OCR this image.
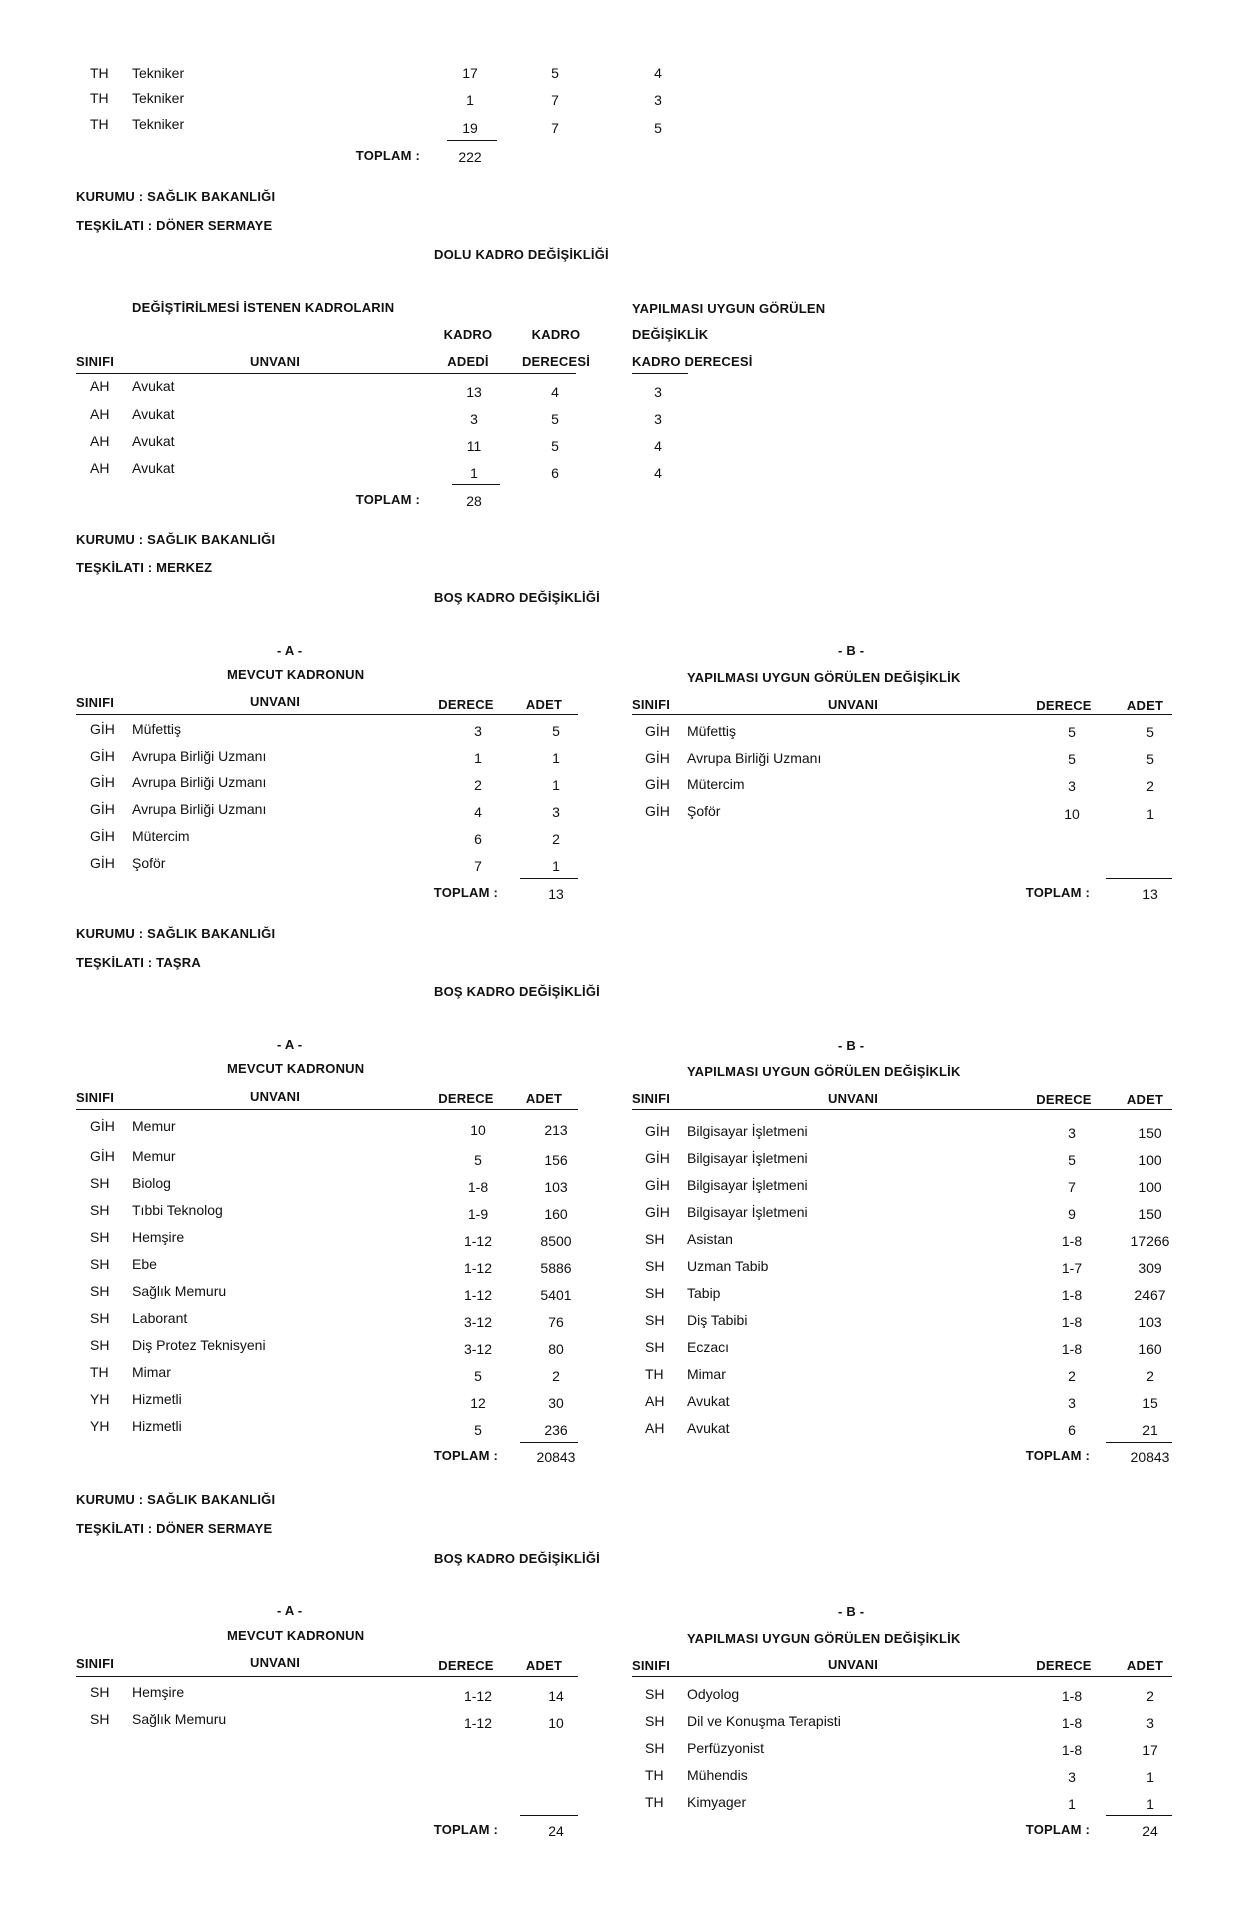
TH Tekniker	17	5	4
TH Tekniker	1	7	3
TH Tekniker	19	7	5
TOPLAM :	222
KURUMU : SAĞLIK BAKANLIĞI
TEŞKİLATI : DÖNER SERMAYE
DOLU KADRO DEĞİŞİKLİĞİ
DEĞİŞTİRİLMESİ İSTENEN KADROLARIN	YAPILMASI UYGUN GÖRÜLEN
DEĞİŞİKLİK
KADRO DERECESİ
KADRO	KADRO
ADEDİ	DERECESİ
SINIFI	UNVANI
AH Avukat	13	4	3
AH Avukat	3	5	3
AH Avukat	11	5	4
AH Avukat	1	6	4
TOPLAM :	28
KURUMU : SAĞLIK BAKANLIĞI
TEŞKİLATI : MERKEZ
BOŞ KADRO DEĞİŞİKLİĞİ
- A -
MEVCUT KADRONUN
- B -
YAPILMASI UYGUN GÖRÜLEN DEĞİŞİKLİK
SINIFI	UNVANI	DERECE	ADET	SINIFI	UNVANI	DERECE	ADET
GİH Müfettiş	3	5
GİH Avrupa Birliği Uzmanı	1	1
GİH Avrupa Birliği Uzmanı	2	1
GİH Avrupa Birliği Uzmanı	4	3
GİH Mütercim	6	2
GİH Şoför	7	1
TOPLAM :	13
GİH Müfettiş	5	5
GİH Avrupa Birliği Uzmanı	5	5
GİH Mütercim	3	2
GİH Şoför	10	1
TOPLAM :	13
KURUMU : SAĞLIK BAKANLIĞI
TEŞKİLATI : TAŞRA
BOŞ KADRO DEĞİŞİKLİĞİ
- A -
MEVCUT KADRONUN
- B -
YAPILMASI UYGUN GÖRÜLEN DEĞİŞİKLİK
SINIFI	UNVANI	DERECE	ADET	SINIFI	UNVANI	DERECE	ADET
GİH Memur	10	213
GİH Memur	5	156
SH Biolog	1-8	103
SH Tıbbi Teknolog	1-9	160
SH Hemşire	1-12	8500
SH Ebe	1-12	5886
SH Sağlık Memuru	1-12	5401
SH Laborant	3-12	76
SH Diş Protez Teknisyeni	3-12	80
TH Mimar	5	2
YH Hizmetli	12	30
YH Hizmetli	5	236
TOPLAM :	20843
GİH Bilgisayar İşletmeni	3	150
GİH Bilgisayar İşletmeni	5	100
GİH Bilgisayar İşletmeni	7	100
GİH Bilgisayar İşletmeni	9	150
SH Asistan	1-8	17266
SH Uzman Tabib	1-7	309
SH Tabip	1-8	2467
SH Diş Tabibi	1-8	103
SH Eczacı	1-8	160
TH Mimar	2	2
AH Avukat	3	15
AH Avukat	6	21
TOPLAM :	20843
KURUMU : SAĞLIK BAKANLIĞI
TEŞKİLATI : DÖNER SERMAYE
BOŞ KADRO DEĞİŞİKLİĞİ
- A -
MEVCUT KADRONUN
- B -
YAPILMASI UYGUN GÖRÜLEN DEĞİŞİKLİK
SINIFI	UNVANI	DERECE	ADET	SINIFI	UNVANI	DERECE	ADET
SH Hemşire	1-12	14
SH Sağlık Memuru	1-12	10
TOPLAM :	24
SH Odyolog	1-8	2
SH Dil ve Konuşma Terapisti	1-8	3
SH Perfüzyonist	1-8	17
TH Mühendis	3	1
TH Kimyager	1	1
TOPLAM :	24
